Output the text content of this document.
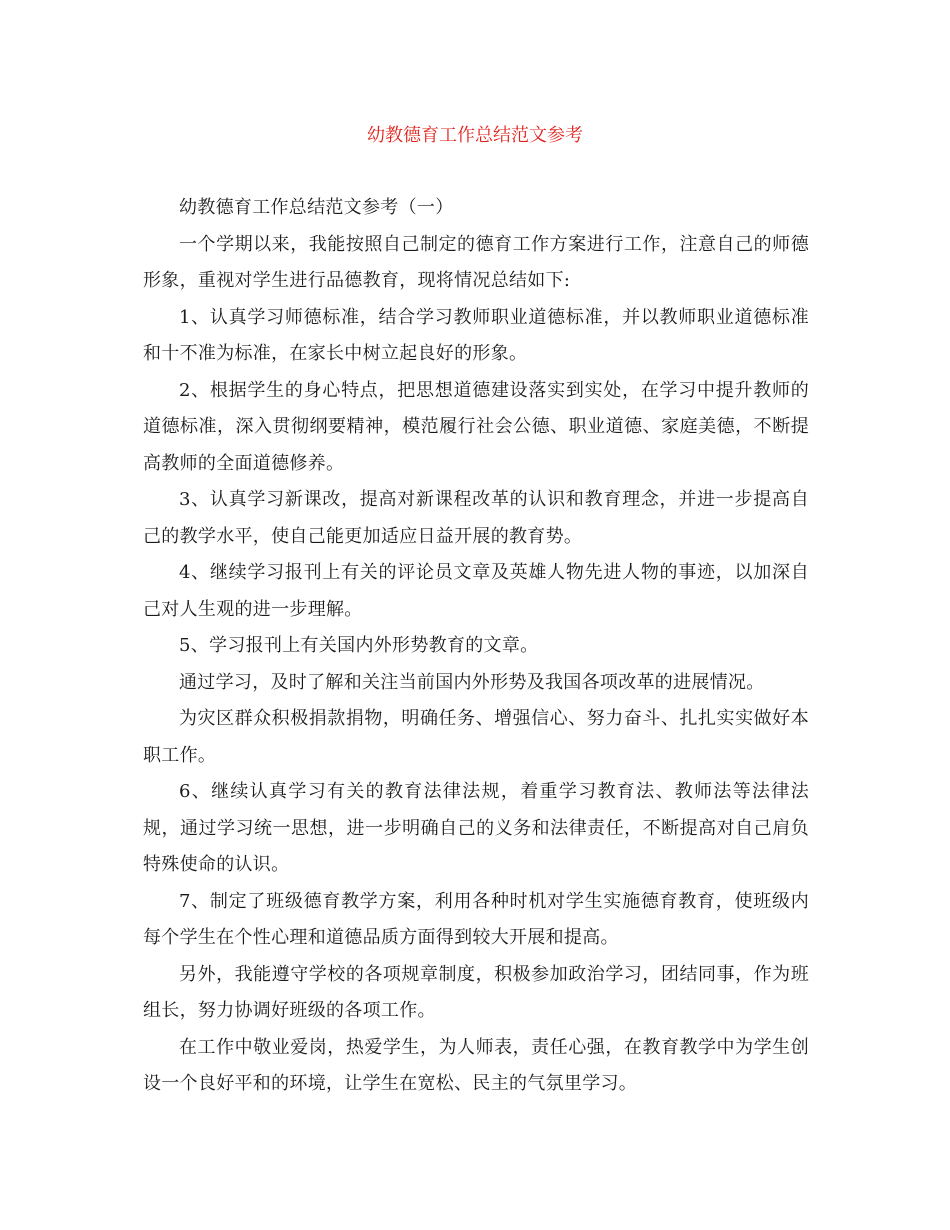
幼教德育工作总结范文参考

幼教德育工作总结范文参考（一）

一个学期以来，我能按照自己制定的德育工作方案进行工作，注意自己的师德形象，重视对学生进行品德教育，现将情况总结如下:

1、认真学习师德标准，结合学习教师职业道德标准，并以教师职业道德标准和十不准为标准，在家长中树立起良好的形象。

2、根据学生的身心特点，把思想道德建设落实到实处，在学习中提升教师的道德标准，深入贯彻纲要精神，模范履行社会公德、职业道德、家庭美德，不断提高教师的全面道德修养。

3、认真学习新课改，提高对新课程改革的认识和教育理念，并进一步提高自己的教学水平，使自己能更加适应日益开展的教育势。

4、继续学习报刊上有关的评论员文章及英雄人物先进人物的事迹，以加深自己对人生观的进一步理解。

5、学习报刊上有关国内外形势教育的文章。

通过学习，及时了解和关注当前国内外形势及我国各项改革的进展情况。

为灾区群众积极捐款捐物，明确任务、增强信心、努力奋斗、扎扎实实做好本职工作。

6、继续认真学习有关的教育法律法规，着重学习教育法、教师法等法律法规，通过学习统一思想，进一步明确自己的义务和法律责任，不断提高对自己肩负特殊使命的认识。

7、制定了班级德育教学方案，利用各种时机对学生实施德育教育，使班级内每个学生在个性心理和道德品质方面得到较大开展和提高。

另外，我能遵守学校的各项规章制度，积极参加政治学习，团结同事，作为班组长，努力协调好班级的各项工作。

在工作中敬业爱岗，热爱学生，为人师表，责任心强，在教育教学中为学生创设一个良好平和的环境，让学生在宽松、民主的气氛里学习。
